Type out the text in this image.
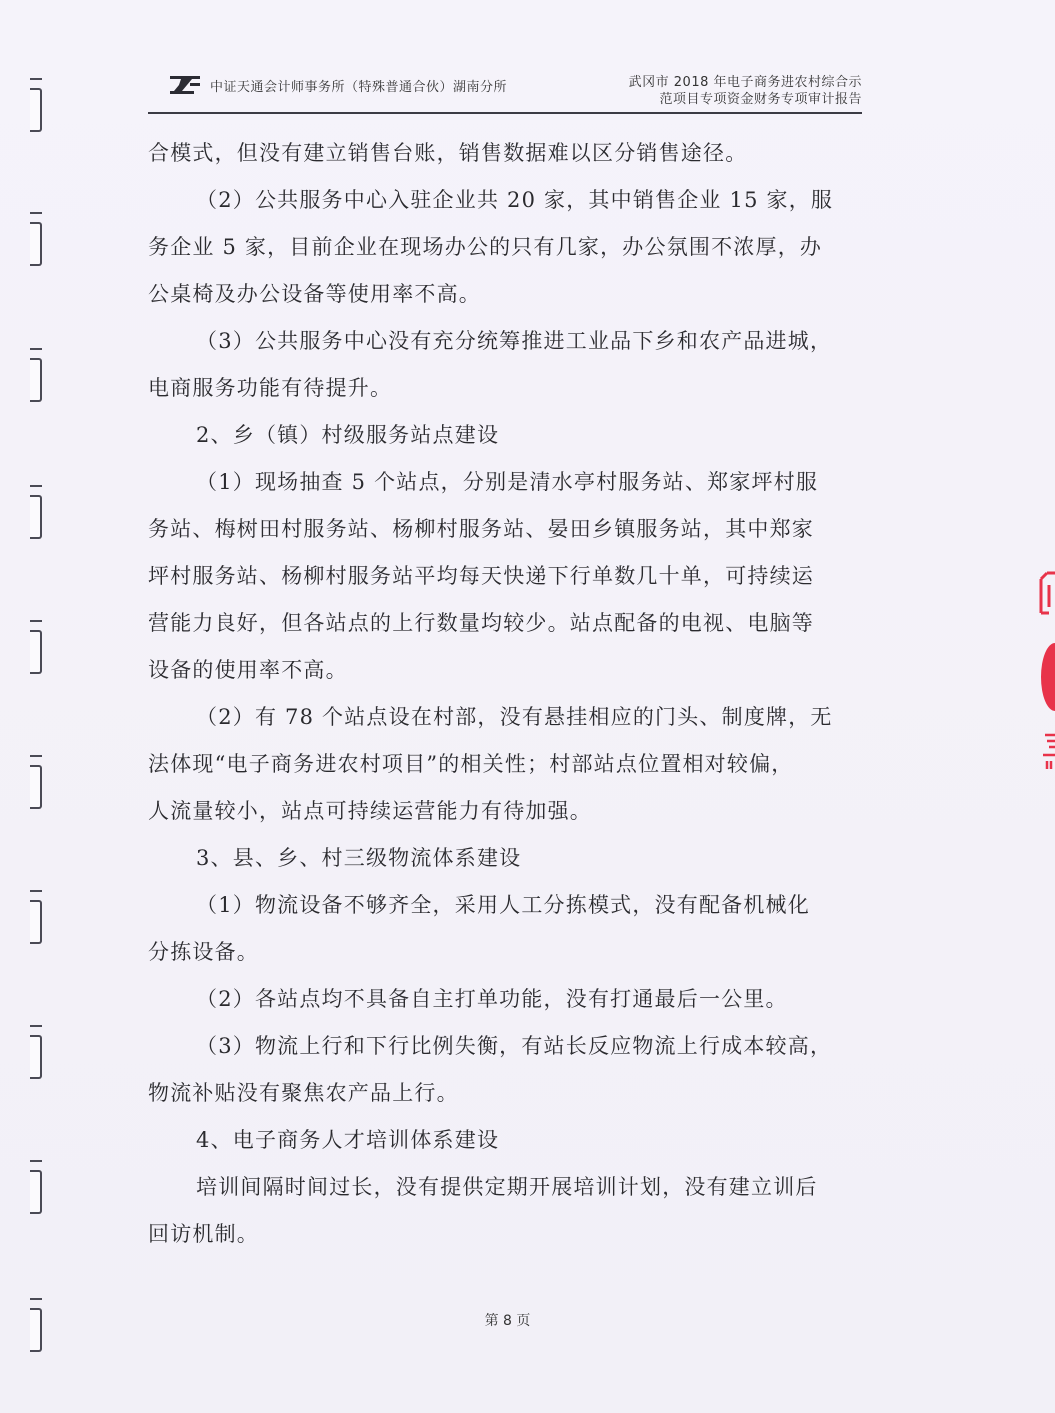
中证天通会计师事务所（特殊普通合伙）湖南分所	武冈市 2018 年电子商务进农村综合示
范项目专项资金财务专项审计报告
合模式，但没有建立销售台账，销售数据难以区分销售途径。
（2）公共服务中心入驻企业共 20 家，其中销售企业 15 家，服
务企业 5 家，目前企业在现场办公的只有几家，办公氛围不浓厚，办
公桌椅及办公设备等使用率不高。
（3）公共服务中心没有充分统筹推进工业品下乡和农产品进城，
电商服务功能有待提升。
2、乡（镇）村级服务站点建设
（1）现场抽查 5 个站点，分别是清水亭村服务站、郑家坪村服
务站、梅树田村服务站、杨柳村服务站、晏田乡镇服务站，其中郑家
坪村服务站、杨柳村服务站平均每天快递下行单数几十单，可持续运
营能力良好，但各站点的上行数量均较少。站点配备的电视、电脑等
设备的使用率不高。
（2）有 78 个站点设在村部，没有悬挂相应的门头、制度牌，无
法体现“电子商务进农村项目”的相关性；村部站点位置相对较偏，
人流量较小，站点可持续运营能力有待加强。
3、县、乡、村三级物流体系建设
（1）物流设备不够齐全，采用人工分拣模式，没有配备机械化
分拣设备。
（2）各站点均不具备自主打单功能，没有打通最后一公里。
（3）物流上行和下行比例失衡，有站长反应物流上行成本较高，
物流补贴没有聚焦农产品上行。
4、电子商务人才培训体系建设
培训间隔时间过长，没有提供定期开展培训计划，没有建立训后
回访机制。
第 8 页
